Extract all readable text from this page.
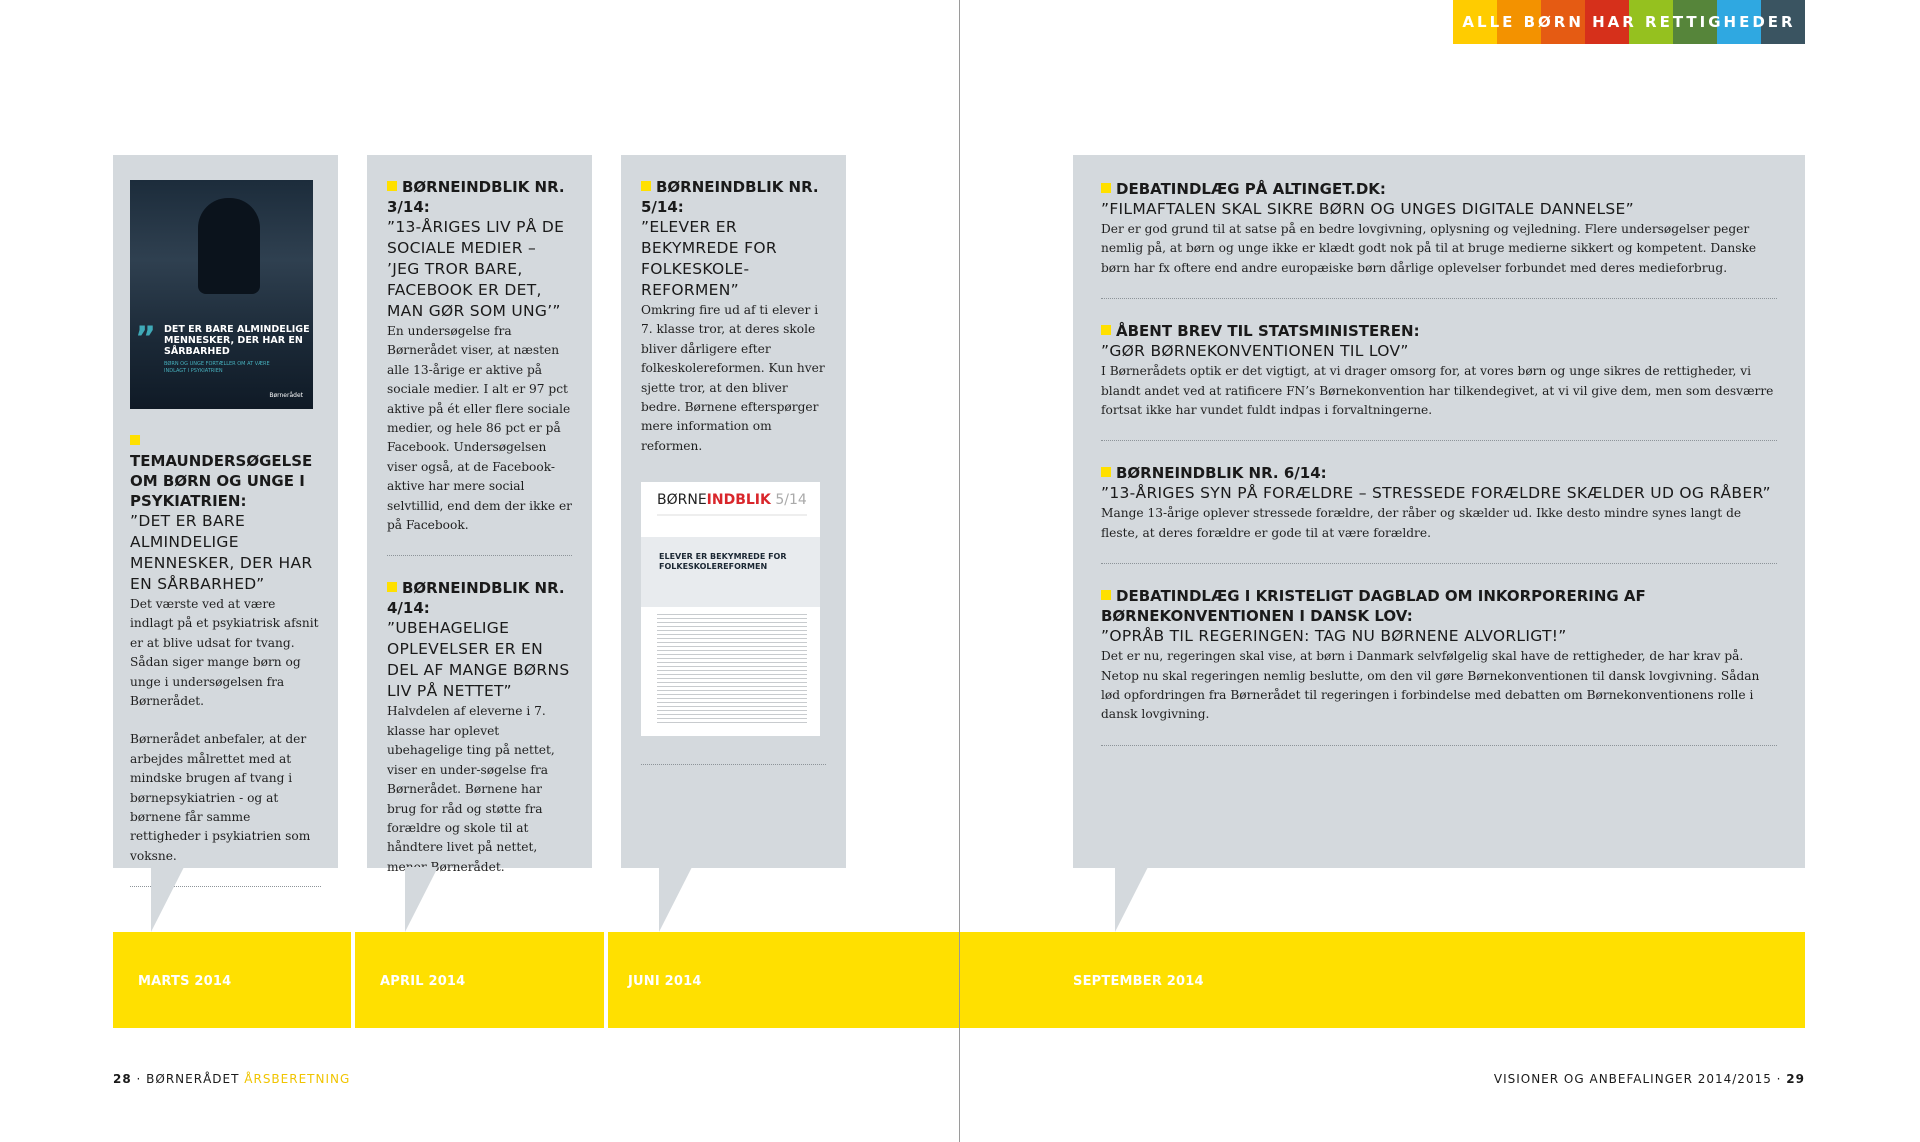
ALLE BØRN HAR RETTIGHEDER
” DET ER BARE ALMINDELIGE MENNESKER, DER HAR EN SÅRBARHED
BØRN OG UNGE FORTÆLLER OM AT VÆRE INDLAGT I PSYKIATRIEN
Børnerådet
TEMAUNDERSØGELSE OM BØRN OG UNGE I PSYKIATRIEN:
”DET ER BARE ALMINDELIGE MENNESKER, DER HAR EN SÅRBARHED”

Det værste ved at være indlagt på et psykiatrisk afsnit er at blive udsat for tvang. Sådan siger mange børn og unge i undersøgelsen fra Børnerådet.

Børnerådet anbefaler, at der arbejdes målrettet med at mindske brugen af tvang i børnepsykiatrien - og at børnene får samme rettigheder i psykiatrien som voksne.

BØRNEINDBLIK NR. 3/14:
”13-ÅRIGES LIV PÅ DE SOCIALE MEDIER – ’JEG TROR BARE, FACEBOOK ER DET, MAN GØR SOM UNG’”
En undersøgelse fra Børnerådet viser, at næsten alle 13-årige er aktive på sociale medier. I alt er 97 pct aktive på ét eller flere sociale medier, og hele 86 pct er på Facebook. Undersøgelsen viser også, at de Facebook-aktive har mere social selvtillid, end dem der ikke er på Facebook.
BØRNEINDBLIK NR. 4/14:
”UBEHAGELIGE OPLEVELSER ER EN DEL AF MANGE BØRNS LIV PÅ NETTET”
Halvdelen af eleverne i 7. klasse har oplevet ubehagelige ting på nettet, viser en under-søgelse fra Børnerådet. Børnene har brug for råd og støtte fra forældre og skole til at håndtere livet på nettet, mener Børnerådet.
BØRNEINDBLIK NR. 5/14:
”ELEVER ER BEKYMREDE FOR FOLKESKOLE-REFORMEN”
Omkring fire ud af ti elever i 7. klasse tror, at deres skole bliver dårligere efter folkeskolereformen. Kun hver sjette tror, at den bliver bedre. Børnene efterspørger mere information om reformen.
BØRNEINDBLIK 5/14
ELEVER ER BEKYMREDE FOR FOLKESKOLEREFORMEN
DEBATINDLÆG PÅ ALTINGET.DK:
”FILMAFTALEN SKAL SIKRE BØRN OG UNGES DIGITALE DANNELSE”
Der er god grund til at satse på en bedre lovgivning, oplysning og vejledning. Flere undersøgelser peger nemlig på, at børn og unge ikke er klædt godt nok på til at bruge medierne sikkert og kompetent. Danske børn har fx oftere end andre europæiske børn dårlige oplevelser forbundet med deres medieforbrug.
ÅBENT BREV TIL STATSMINISTEREN:
”GØR BØRNEKONVENTIONEN TIL LOV”
I Børnerådets optik er det vigtigt, at vi drager omsorg for, at vores børn og unge sikres de rettigheder, vi blandt andet ved at ratificere FN’s Børnekonvention har tilkendegivet, at vi vil give dem, men som desværre fortsat ikke har vundet fuldt indpas i forvaltningerne.
BØRNEINDBLIK NR. 6/14:
”13-ÅRIGES SYN PÅ FORÆLDRE – STRESSEDE FORÆLDRE SKÆLDER UD OG RÅBER”
Mange 13-årige oplever stressede forældre, der råber og skælder ud. Ikke desto mindre synes langt de fleste, at deres forældre er gode til at være forældre.
DEBATINDLÆG I KRISTELIGT DAGBLAD OM INKORPORERING AF BØRNEKONVENTIONEN I DANSK LOV:
”OPRÅB TIL REGERINGEN: TAG NU BØRNENE ALVORLIGT!”
Det er nu, regeringen skal vise, at børn i Danmark selvfølgelig skal have de rettigheder, de har krav på. Netop nu skal regeringen nemlig beslutte, om den vil gøre Børnekonventionen til dansk lovgivning. Sådan lød opfordringen fra Børnerådet til regeringen i forbindelse med debatten om Børnekonventionens rolle i dansk lovgivning.
MARTS 2014	APRIL 2014	JUNI 2014	SEPTEMBER 2014
28 · BØRNERÅDET ÅRSBERETNING	VISIONER OG ANBEFALINGER 2014/2015 · 29
